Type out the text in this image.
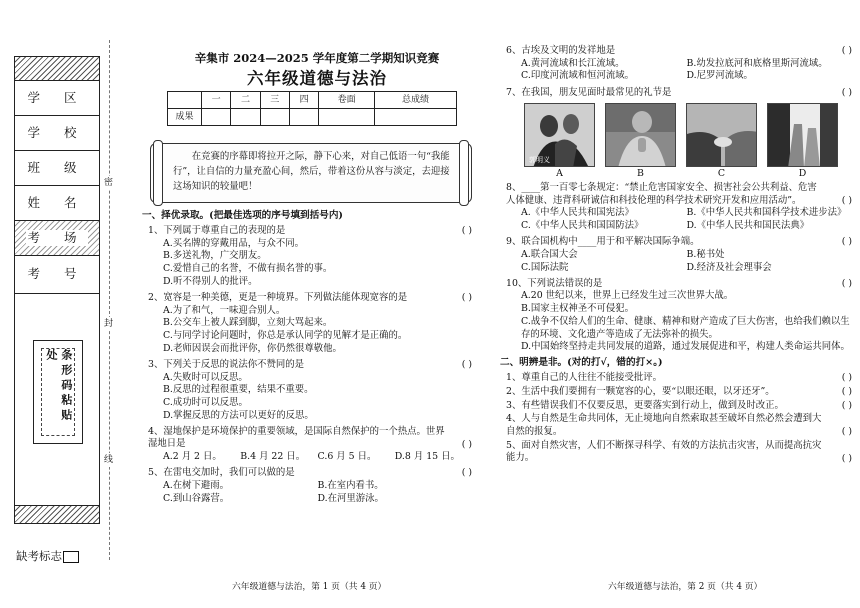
学 区
学 校
班 级
姓 名
考 场
考 号
条形码粘贴处
缺考标志
密
封
线
辛集市 2024—2025 学年度第二学期知识竞赛
六年级道德与法治
	一	二	三	四	卷面	总成绩
成果						

在竞赛的序幕即将拉开之际，静下心来，对自己低语一句“我能行”，让自信的力量充盈心间，然后，带着这份从容与淡定，去迎接这场知识的较量吧！

一、择优录取。(把最佳选项的序号填到括号内)
1、下列属于尊重自己的表现的是	( )
A.买名牌的穿戴用品，与众不同。
B.多送礼物，广交朋友。
C.爱惜自己的名誉，不做有损名誉的事。
D.听不得别人的批评。
2、宽容是一种美德，更是一种境界。下列做法能体现宽容的是	( )
A.为了和气，一味迎合别人。
B.公交车上被人踩到脚，立刻大骂起来。
C.与同学讨论问题时，你总是承认同学的见解才是正确的。
D.老师因误会而批评你，你仍然很尊敬他。
3、下列关于反思的说法你不赞同的是	( )
A.失败时可以反思。
B.反思的过程很重要，结果不重要。
C.成功时可以反思。
D.掌握反思的方法可以更好的反思。
4、湿地保护是环境保护的重要领域，是国际自然保护的一个热点。世界湿地日是	( )
A.2 月 2 日。	B.4 月 22 日。	C.6 月 5 日。	D.8 月 15 日。
5、在雷电交加时，我们可以做的是	( )
A.在树下避雨。	B.在室内看书。
C.到山谷露营。	D.在河里游泳。
六年级道德与法治，第 1 页（共 4 页）
6、古埃及文明的发祥地是	( )
A.黄河流域和长江流域。	B.幼发拉底河和底格里斯河流域。
C.印度河流域和恒河流域。	D.尼罗河流域。
7、在我国，朋友见面时最常见的礼节是	( )
郭明义
A	B	C	D
8、____第一百零七条规定：“禁止危害国家安全、损害社会公共利益、危害人体健康、违背科研诚信和科技伦理的科学技术研究开发和应用活动”。	( )
A.《中华人民共和国宪法》	B.《中华人民共和国科学技术进步法》
C.《中华人民共和国国防法》	D.《中华人民共和国民法典》
9、联合国机构中____用于和平解决国际争端。	( )
A.联合国大会	B.秘书处
C.国际法院	D.经济及社会理事会
10、下列说法错误的是	( )
A.20 世纪以来，世界上已经发生过三次世界大战。
B.国家主权神圣不可侵犯。
C.战争不仅给人们的生命、健康、精神和财产造成了巨大伤害，也给我们赖以生存的环境、文化遗产等造成了无法弥补的损失。
D.中国始终坚持走共同发展的道路，通过发展促进和平，构建人类命运共同体。
二、明辨是非。(对的打√，错的打×。)
1、尊重自己的人往往不能接受批评。	( )
2、生活中我们要拥有一颗宽容的心，要“以眼还眼，以牙还牙”。	( )
3、有些错误我们不仅要反思，更要落实到行动上，做到及时改正。	( )
4、人与自然是生命共同体，无止境地向自然索取甚至破坏自然必然会遭到大自然的报复。	( )
5、面对自然灾害，人们不断探寻科学、有效的方法抗击灾害，从而提高抗灾能力。	( )
六年级道德与法治，第 2 页（共 4 页）
